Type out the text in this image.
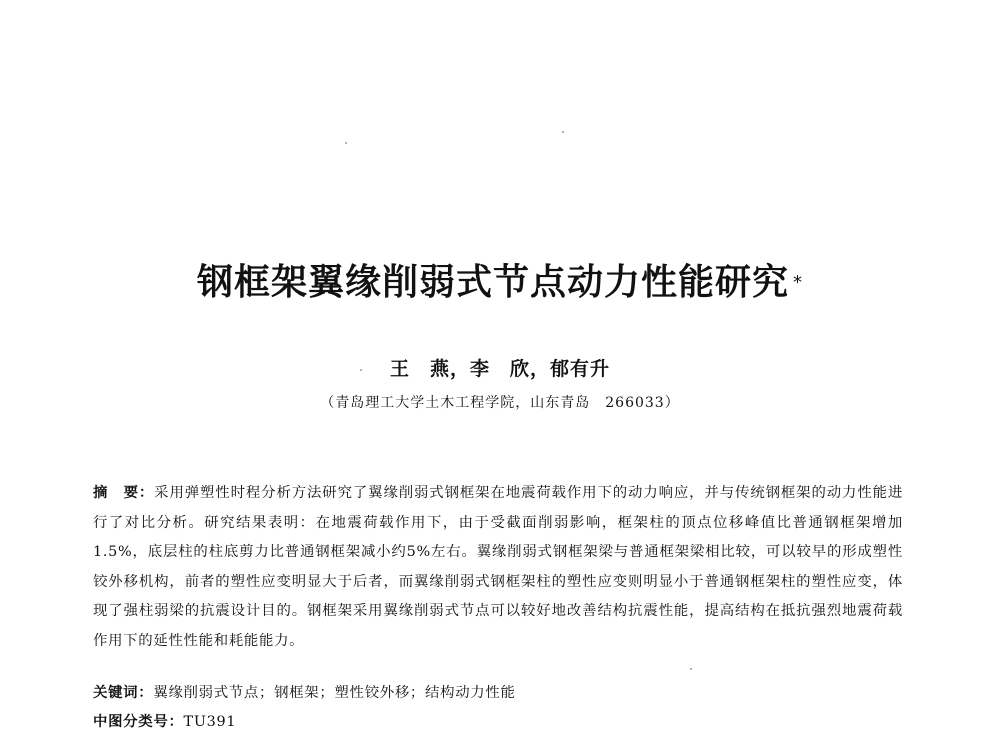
钢框架翼缘削弱式节点动力性能研究 *
王　燕，李　欣，郁有升
（青岛理工大学土木工程学院，山东青岛　266033）
摘　要：采用弹塑性时程分析方法研究了翼缘削弱式钢框架在地震荷载作用下的动力响应，并与传统钢框架的动力性能进行了对比分析。研究结果表明：在地震荷载作用下，由于受截面削弱影响，框架柱的顶点位移峰值比普通钢框架增加1.5%，底层柱的柱底剪力比普通钢框架减小约5%左右。翼缘削弱式钢框架梁与普通框架梁相比较，可以较早的形成塑性铰外移机构，前者的塑性应变明显大于后者，而翼缘削弱式钢框架柱的塑性应变则明显小于普通钢框架柱的塑性应变，体现了强柱弱梁的抗震设计目的。钢框架采用翼缘削弱式节点可以较好地改善结构抗震性能，提高结构在抵抗强烈地震荷载作用下的延性性能和耗能能力。
关键词：翼缘削弱式节点；钢框架；塑性铰外移；结构动力性能
中图分类号：TU391
